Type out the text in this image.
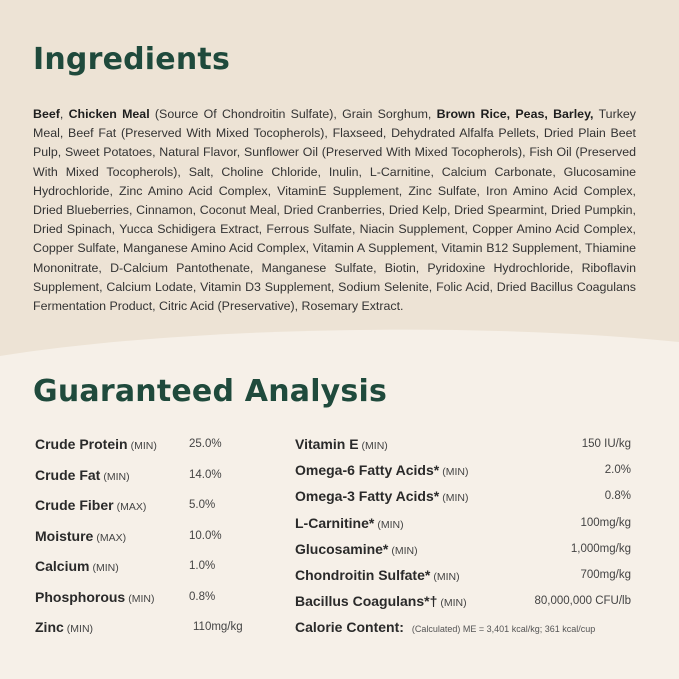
Ingredients

Beef, Chicken Meal (Source Of Chondroitin Sulfate), Grain Sorghum, Brown Rice, Peas, Barley, Turkey Meal, Beef Fat (Preserved With Mixed Tocopherols), Flaxseed, Dehydrated Alfalfa Pellets, Dried Plain Beet Pulp, Sweet Potatoes, Natural Flavor, Sunflower Oil (Preserved With Mixed Tocopherols), Fish Oil (Preserved With Mixed Tocopherols), Salt, Choline Chloride, Inulin, L-Carnitine, Calcium Carbonate, Glucosamine Hydrochloride, Zinc Amino Acid Complex, VitaminE Supplement, Zinc Sulfate, Iron Amino Acid Complex, Dried Blueberries, Cinnamon, Coconut Meal, Dried Cranberries, Dried Kelp, Dried Spearmint, Dried Pumpkin, Dried Spinach, Yucca Schidigera Extract, Ferrous Sulfate, Niacin Supplement, Copper Amino Acid Complex, Copper Sulfate, Manganese Amino Acid Complex, Vitamin A Supplement, Vitamin B12 Supplement, Thiamine Mononitrate, D-Calcium Pantothenate, Manganese Sulfate, Biotin, Pyridoxine Hydrochloride, Riboflavin Supplement, Calcium Lodate, Vitamin D3 Supplement, Sodium Selenite, Folic Acid, Dried Bacillus Coagulans Fermentation Product, Citric Acid (Preservative), Rosemary Extract.

Guaranteed Analysis
Crude Protein (MIN)	25.0%
Crude Fat (MIN)	14.0%
Crude Fiber (MAX)	5.0%
Moisture (MAX)	10.0%
Calcium (MIN)	1.0%
Phosphorous (MIN)	0.8%
Zinc (MIN)	110mg/kg
Vitamin E (MIN)	150 IU/kg
Omega-6 Fatty Acids* (MIN)	2.0%
Omega-3 Fatty Acids* (MIN)	0.8%
L-Carnitine* (MIN)	100mg/kg
Glucosamine* (MIN)	1,000mg/kg
Chondroitin Sulfate* (MIN)	700mg/kg
Bacillus Coagulans*† (MIN)	80,000,000 CFU/lb
Calorie Content: (Calculated) ME = 3,401 kcal/kg; 361 kcal/cup
